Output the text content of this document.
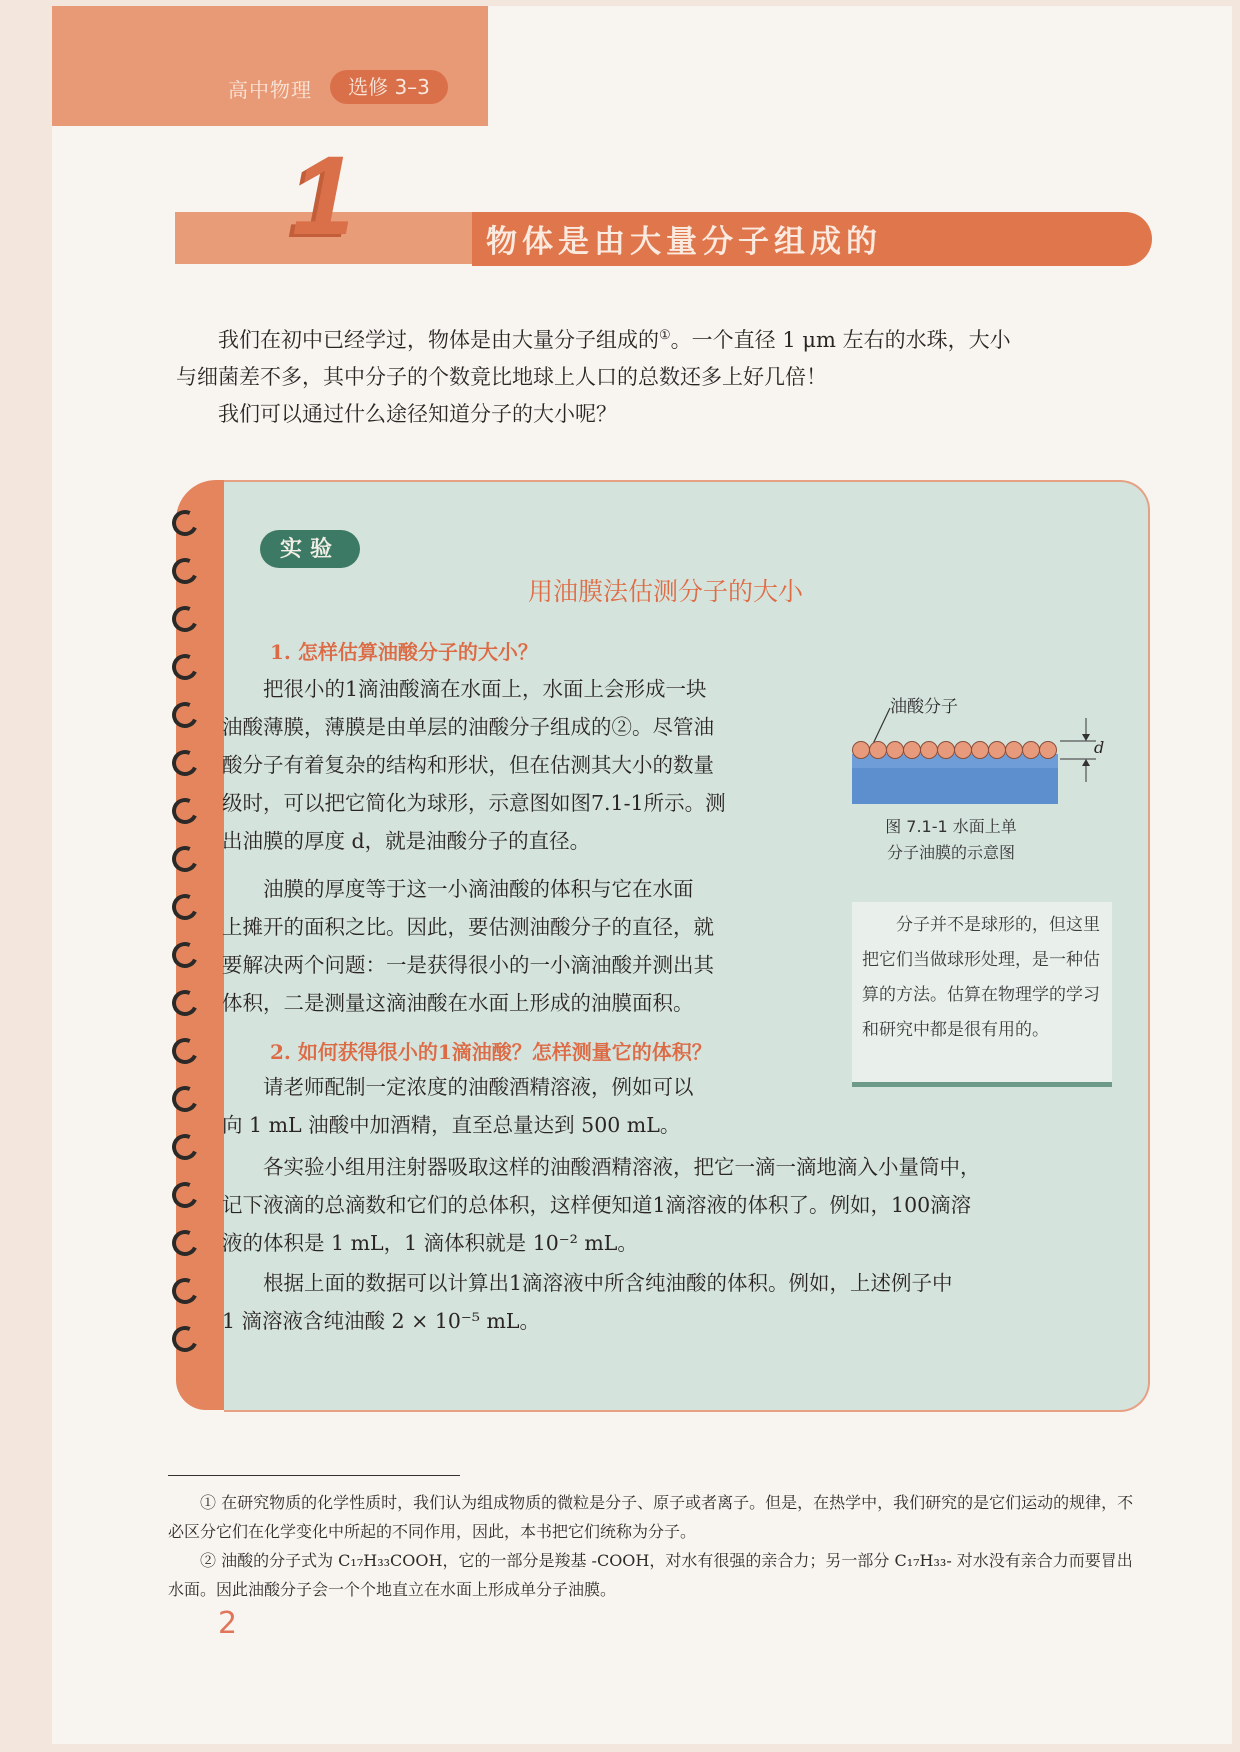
高中物理	选修 3–3
1	物体是由大量分子组成的

我们在初中已经学过，物体是由大量分子组成的①。一个直径 1 μm 左右的水珠，大小

与细菌差不多，其中分子的个数竟比地球上人口的总数还多上好几倍！

我们可以通过什么途径知道分子的大小呢？

实验
用油膜法估测分子的大小
1. 怎样估算油酸分子的大小？

把很小的1滴油酸滴在水面上，水面上会形成一块

油酸薄膜，薄膜是由单层的油酸分子组成的②。尽管油

酸分子有着复杂的结构和形状，但在估测其大小的数量

级时，可以把它简化为球形，示意图如图7.1-1所示。测

出油膜的厚度 d，就是油酸分子的直径。

油膜的厚度等于这一小滴油酸的体积与它在水面

上摊开的面积之比。因此，要估测油酸分子的直径，就

要解决两个问题：一是获得很小的一小滴油酸并测出其

体积，二是测量这滴油酸在水面上形成的油膜面积。

2. 如何获得很小的1滴油酸？怎样测量它的体积？

请老师配制一定浓度的油酸酒精溶液，例如可以

向 1 mL 油酸中加酒精，直至总量达到 500 mL。

各实验小组用注射器吸取这样的油酸酒精溶液，把它一滴一滴地滴入小量筒中，

记下液滴的总滴数和它们的总体积，这样便知道1滴溶液的体积了。例如，100滴溶

液的体积是 1 mL，1 滴体积就是 10⁻² mL。

根据上面的数据可以计算出1滴溶液中所含纯油酸的体积。例如，上述例子中

1 滴溶液含纯油酸 2 × 10⁻⁵ mL。

油酸分子
d
图 7.1-1 水面上单
分子油膜的示意图
分子并不是球形的，但这里把它们当做球形处理，是一种估算的方法。估算在物理学的学习和研究中都是很有用的。

① 在研究物质的化学性质时，我们认为组成物质的微粒是分子、原子或者离子。但是，在热学中，我们研究的是它们运动的规律，不必区分它们在化学变化中所起的不同作用，因此，本书把它们统称为分子。

② 油酸的分子式为 C₁₇H₃₃COOH，它的一部分是羧基 -COOH，对水有很强的亲合力；另一部分 C₁₇H₃₃- 对水没有亲合力而要冒出水面。因此油酸分子会一个个地直立在水面上形成单分子油膜。

2
